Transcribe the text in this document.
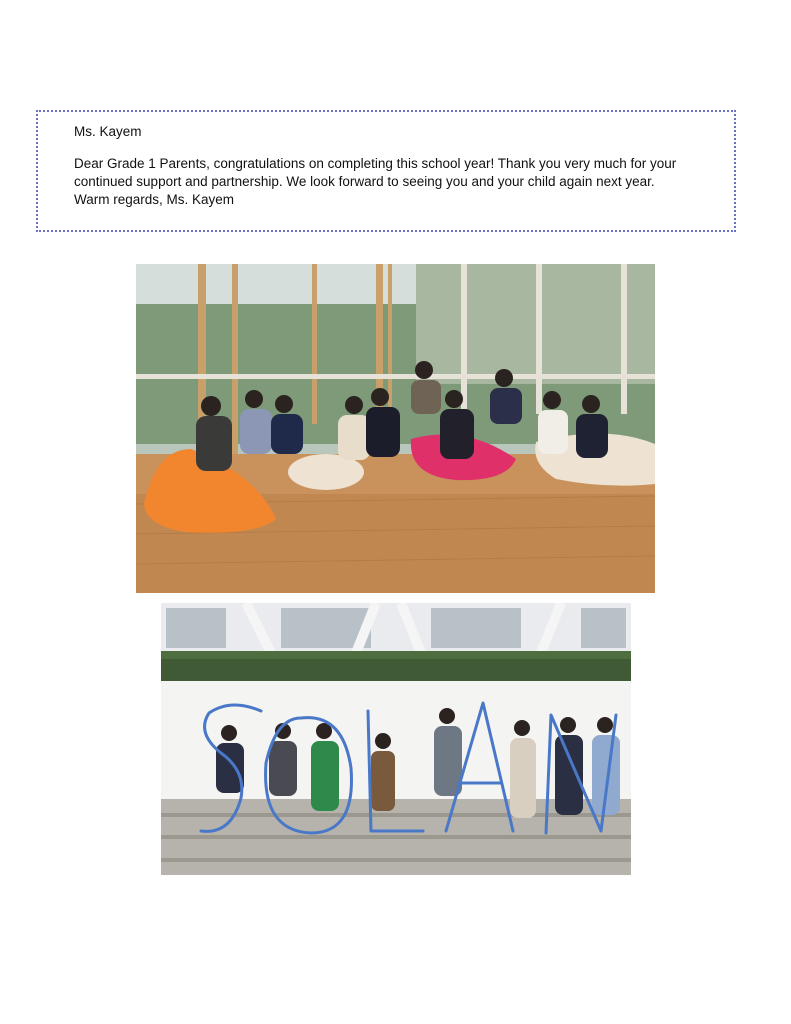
Ms. Kayem

Dear Grade 1 Parents, congratulations on completing this school year! Thank you very much for your
continued support and partnership. We look forward to seeing you and your child again next year.
Warm regards, Ms. Kayem
